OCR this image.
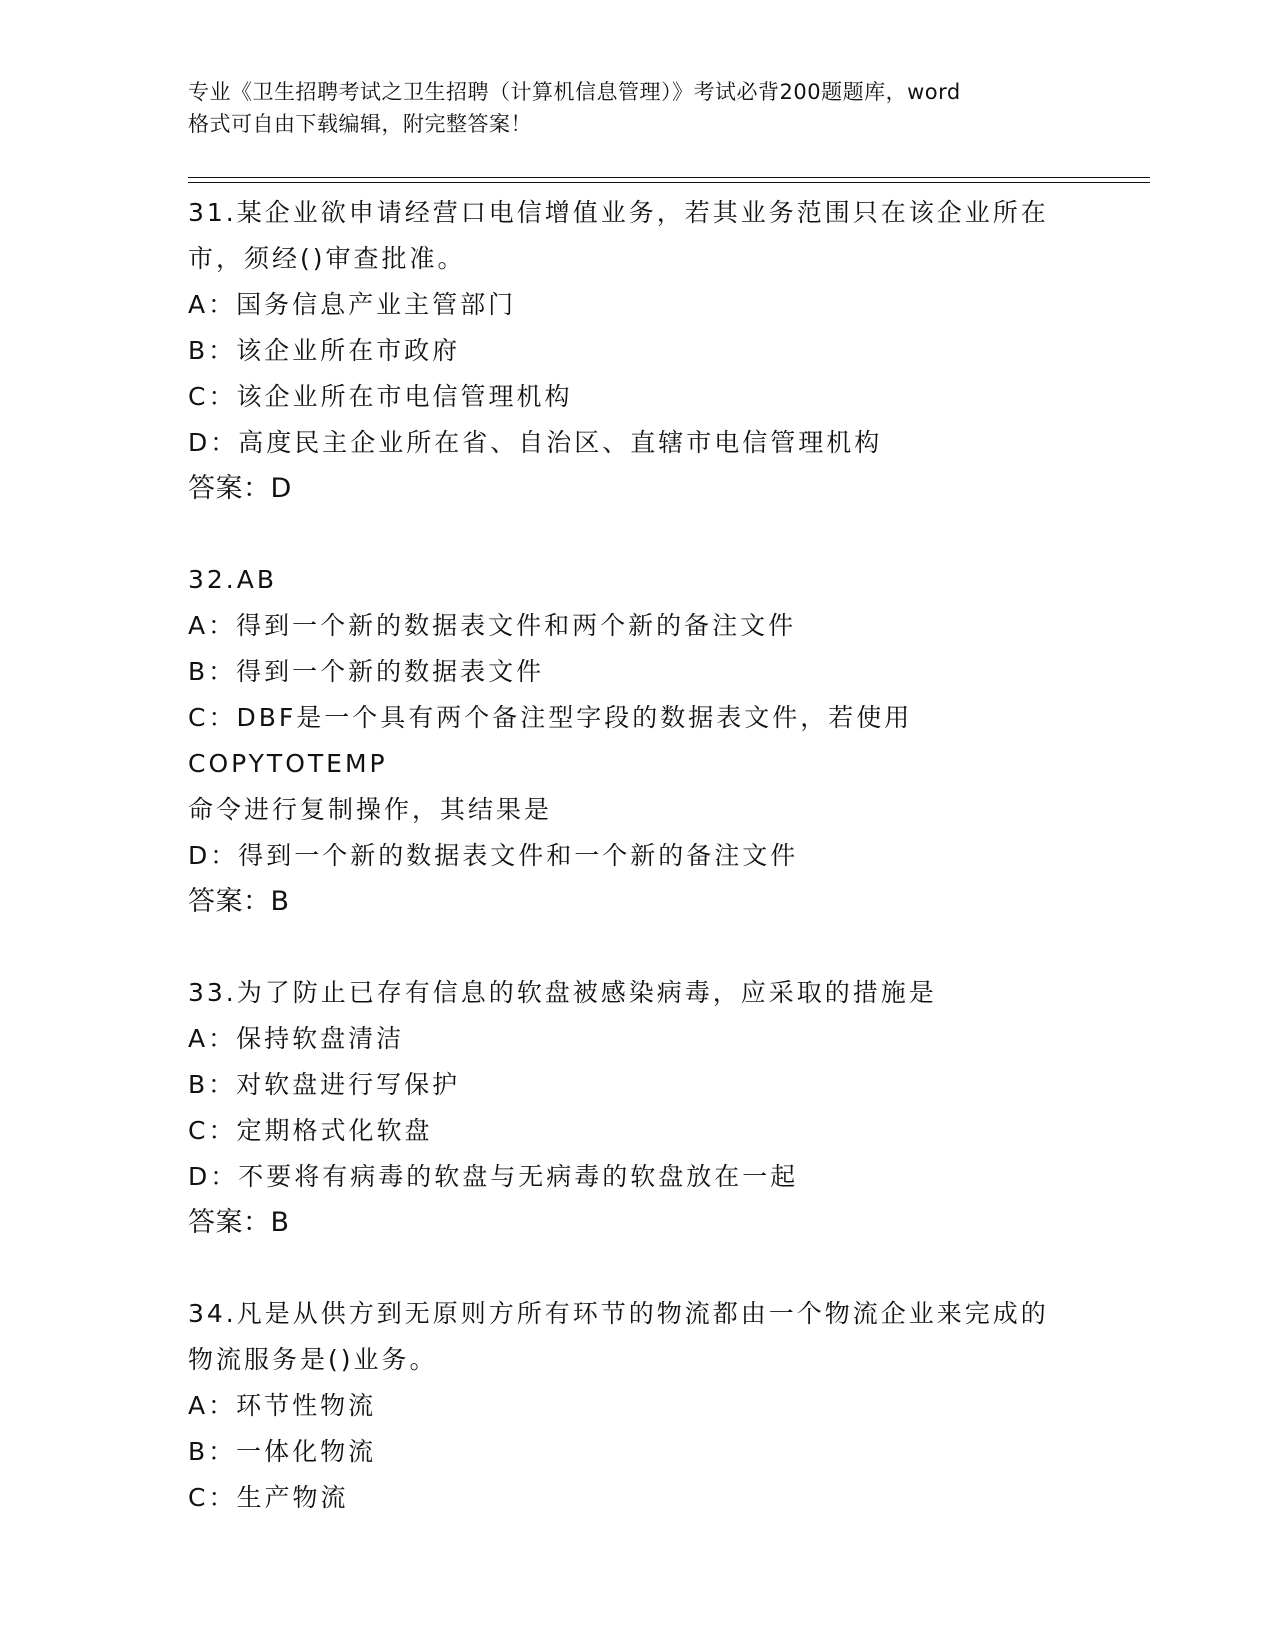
专业《卫生招聘考试之卫生招聘（计算机信息管理）》考试必背200题题库，word
格式可自由下载编辑，附完整答案！

31.某企业欲申请经营口电信增值业务，若其业务范围只在该企业所在

市，须经()审查批准。

A：国务信息产业主管部门

B：该企业所在市政府

C：该企业所在市电信管理机构

D：高度民主企业所在省、自治区、直辖市电信管理机构

答案：D

32.AB

A：得到一个新的数据表文件和两个新的备注文件

B：得到一个新的数据表文件

C：DBF是一个具有两个备注型字段的数据表文件，若使用COPYTOTEMP

命令进行复制操作，其结果是

D：得到一个新的数据表文件和一个新的备注文件

答案：B

33.为了防止已存有信息的软盘被感染病毒，应采取的措施是

A：保持软盘清洁

B：对软盘进行写保护

C：定期格式化软盘

D：不要将有病毒的软盘与无病毒的软盘放在一起

答案：B

34.凡是从供方到无原则方所有环节的物流都由一个物流企业来完成的

物流服务是()业务。

A：环节性物流

B：一体化物流

C：生产物流
